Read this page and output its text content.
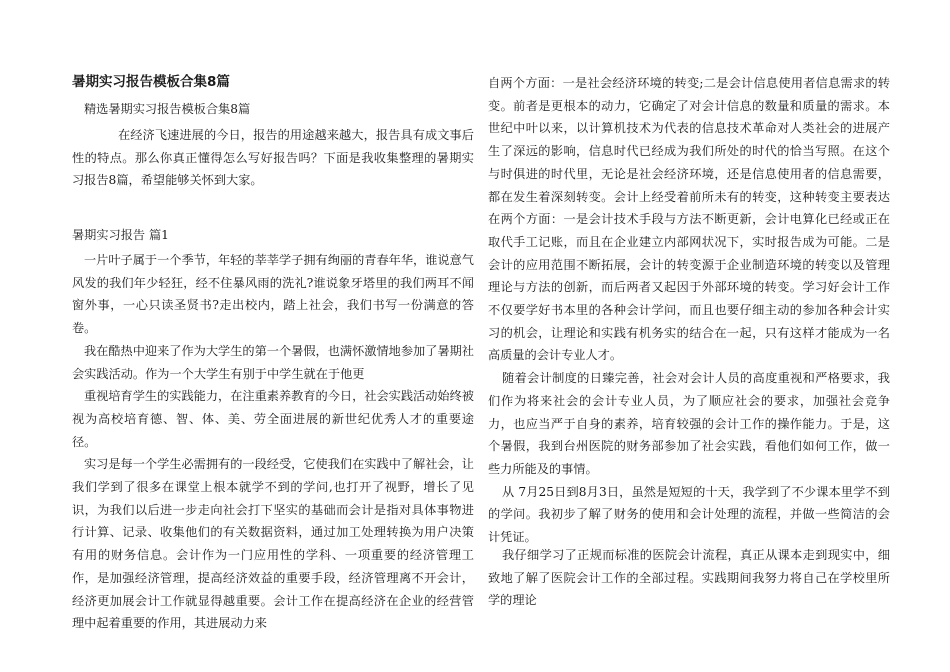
暑期实习报告模板合集8篇
精选暑期实习报告模板合集8篇
在经济飞速进展的今日，报告的用途越来越大，报告具有成文事后性的特点。那么你真正懂得怎么写好报告吗？下面是我收集整理的暑期实习报告8篇，希望能够关怀到大家。
暑期实习报告 篇1

一片叶子属于一个季节，年轻的莘莘学子拥有绚丽的青春年华，谁说意气风发的我们年少轻狂，经不住暴风雨的洗礼?谁说象牙塔里的我们两耳不闻窗外事，一心只读圣贤书?走出校内，踏上社会，我们书写一份满意的答卷。

我在酷热中迎来了作为大学生的第一个暑假，也满怀激情地参加了暑期社会实践活动。作为一个大学生有别于中学生就在于他更

重视培育学生的实践能力，在注重素养教育的今日，社会实践活动始终被视为高校培育德、智、体、美、劳全面进展的新世纪优秀人才的重要途径。

实习是每一个学生必需拥有的一段经受，它使我们在实践中了解社会，让我们学到了很多在课堂上根本就学不到的学问,也打开了视野，增长了见识，为我们以后进一步走向社会打下坚实的基础而会计是指对具体事物进行计算、记录、收集他们的有关数据资料，通过加工处理转换为用户决策有用的财务信息。会计作为一门应用性的学科、一项重要的经济管理工作，是加强经济管理，提高经济效益的重要手段，经济管理离不开会计，经济更加展会计工作就显得越重要。会计工作在提高经济在企业的经营管理中起着重要的作用，其进展动力来

自两个方面：一是社会经济环境的转变;二是会计信息使用者信息需求的转变。前者是更根本的动力，它确定了对会计信息的数量和质量的需求。本世纪中叶以来，以计算机技术为代表的信息技术革命对人类社会的进展产生了深远的影响，信息时代已经成为我们所处的时代的恰当写照。在这个与时俱进的时代里，无论是社会经济环境，还是信息使用者的信息需要，都在发生着深刻转变。会计上经受着前所未有的转变，这种转变主要表达在两个方面：一是会计技术手段与方法不断更新，会计电算化已经或正在取代手工记账，而且在企业建立内部网状况下，实时报告成为可能。二是会计的应用范围不断拓展，会计的转变源于企业制造环境的转变以及管理理论与方法的创新，而后两者又起因于外部环境的转变。学习好会计工作不仅要学好书本里的各种会计学问，而且也要仔细主动的参加各种会计实习的机会，让理论和实践有机务实的结合在一起，只有这样才能成为一名高质量的会计专业人才。

随着会计制度的日臻完善，社会对会计人员的高度重视和严格要求，我们作为将来社会的会计专业人员，为了顺应社会的要求，加强社会竞争力，也应当严于自身的素养，培育较强的会计工作的操作能力。于是，这个暑假，我到台州医院的财务部参加了社会实践，看他们如何工作，做一些力所能及的事情。

从 7月25日到8月3日，虽然是短短的十天，我学到了不少课本里学不到的学问。我初步了解了财务的使用和会计处理的流程，并做一些简洁的会计凭证。

我仔细学习了正规而标准的医院会计流程，真正从课本走到现实中，细致地了解了医院会计工作的全部过程。实践期间我努力将自己在学校里所学的理论
